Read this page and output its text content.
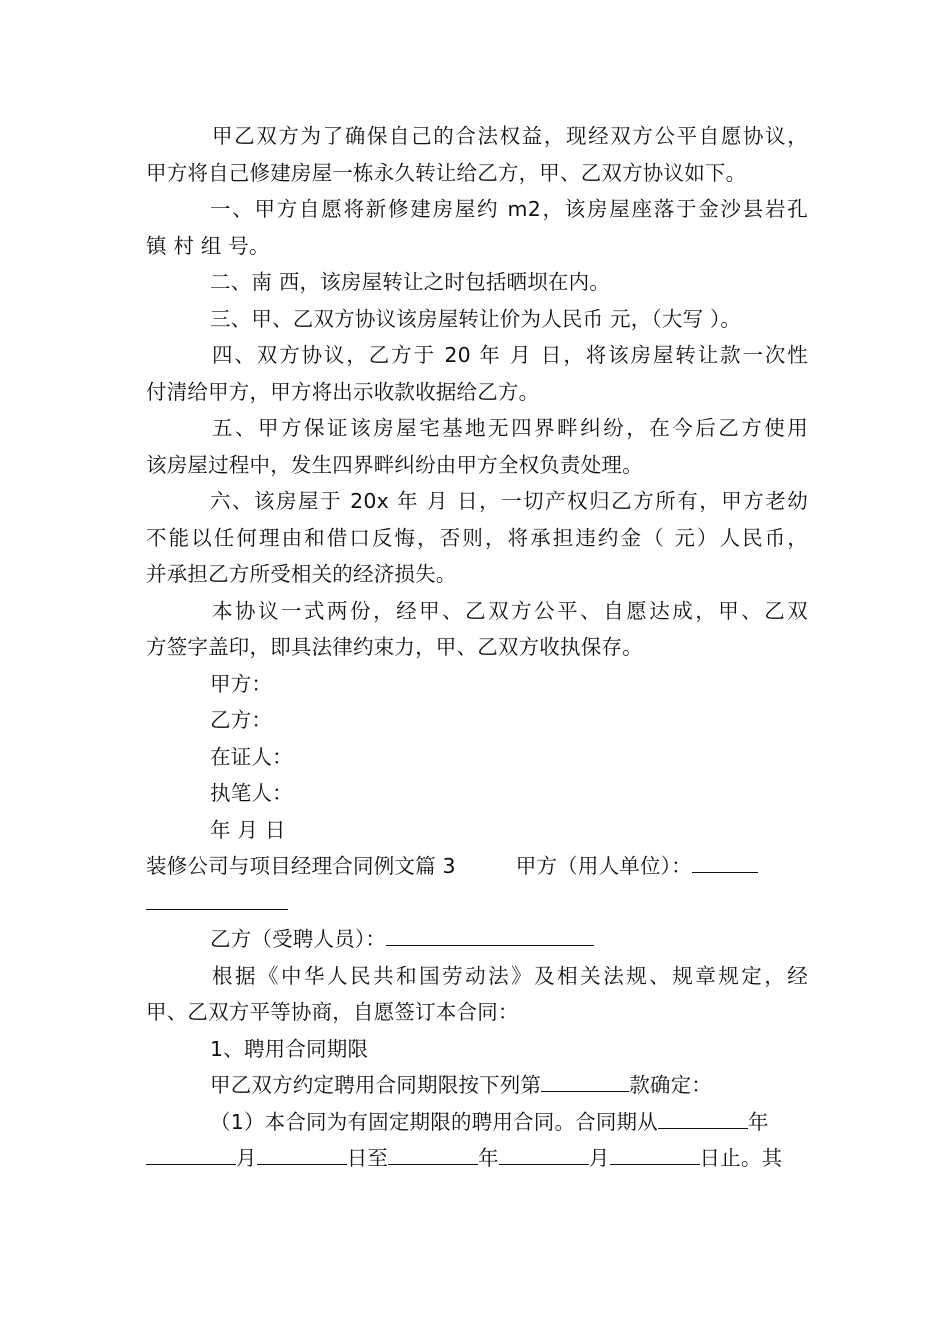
甲乙双方为了确保自己的合法权益，现经双方公平自愿协议，
甲方将自己修建房屋一栋永久转让给乙方，甲、乙双方协议如下。
一、甲方自愿将新修建房屋约 m2，该房屋座落于金沙县岩孔
镇 村 组 号。
二、南 西，该房屋转让之时包括晒坝在内。
三、甲、乙双方协议该房屋转让价为人民币 元，（大写 ）。
四、双方协议，乙方于 20 年 月 日，将该房屋转让款一次性
付清给甲方，甲方将出示收款收据给乙方。
五、甲方保证该房屋宅基地无四界畔纠纷，在今后乙方使用
该房屋过程中，发生四界畔纠纷由甲方全权负责处理。
六、该房屋于 20x 年 月 日，一切产权归乙方所有，甲方老幼
不能以任何理由和借口反悔，否则，将承担违约金（ 元）人民币，
并承担乙方所受相关的经济损失。
本协议一式两份，经甲、乙双方公平、自愿达成，甲、乙双
方签字盖印，即具法律约束力，甲、乙双方收执保存。
甲方：
乙方：
在证人：
执笔人：
年 月 日
装修公司与项目经理合同例文篇 3	甲方（用人单位）：
乙方（受聘人员）：
根据《中华人民共和国劳动法》及相关法规、规章规定，经
甲、乙双方平等协商，自愿签订本合同：
1、聘用合同期限
甲乙双方约定聘用合同期限按下列第	款确定：
（1）本合同为有固定期限的聘用合同。合同期从	年
月	日至	年	月	日止。其
